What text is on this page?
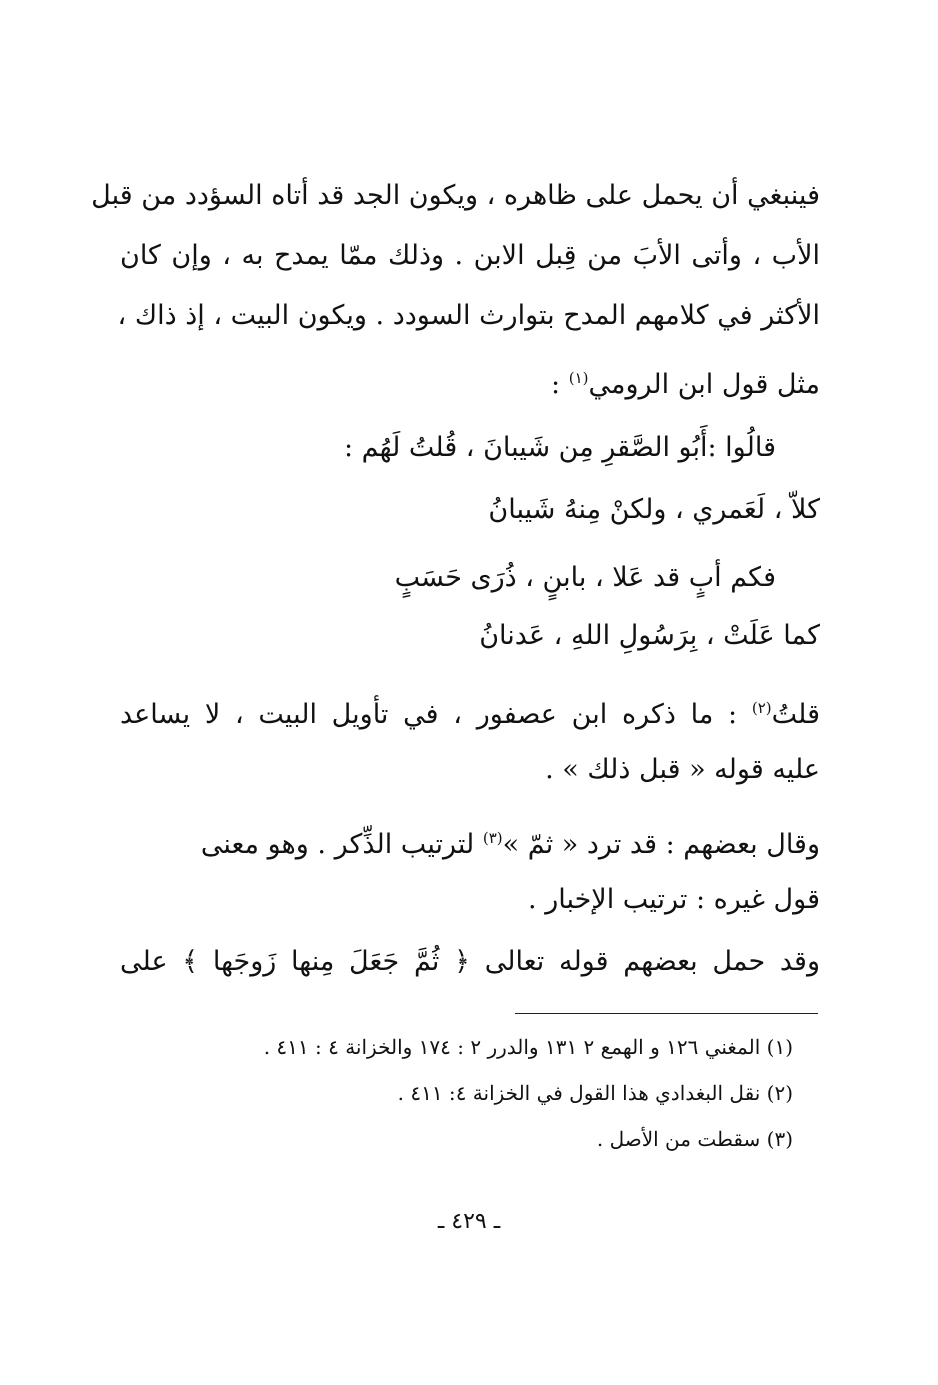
فينبغي أن يحمل على ظاهره ، ويكون الجد قد أتاه السؤدد من قبل
الأب ، وأتى الأبَ من قِبل الابن . وذلك ممّا يمدح به ، وإن كان
الأكثر في كلامهم المدح بتوارث السودد . ويكون البيت ، إذ ذاك ،
مثل قول ابن الرومي$^{(١)}$ :
قالُوا :أَبُو الصَّقرِ مِن شَيبانَ ، قُلتُ لَهُم :
كلاّ ، لَعَمري ، ولكنْ مِنهُ شَيبانُ
فكم أبٍ قد عَلا ، بابنٍ ، ذُرَى حَسَبٍ
كما عَلَتْ ، بِرَسُولِ اللهِ ، عَدنانُ
قلتُ$^{(٢)}$ : ما ذكره ابن عصفور ، في تأويل البيت ، لا يساعد
عليه قوله « قبل ذلك » .
وقال بعضهم : قد ترد « ثمّ »$^{(٣)}$ لترتيب الذِّكر . وهو معنى
قول غيره : ترتيب الإخبار .
وقد حمل بعضهم قوله تعالى ﴿ ثُمَّ جَعَلَ مِنها زَوجَها ﴾ على
(١) المغني ١٢٦ و الهمع ٢ ١٣١ والدرر ٢ : ١٧٤ والخزانة ٤ : ٤١١ .
(٢) نقل البغدادي هذا القول في الخزانة ٤: ٤١١ .
(٣) سقطت من الأصل .
ـ ٤٢٩ ـ
